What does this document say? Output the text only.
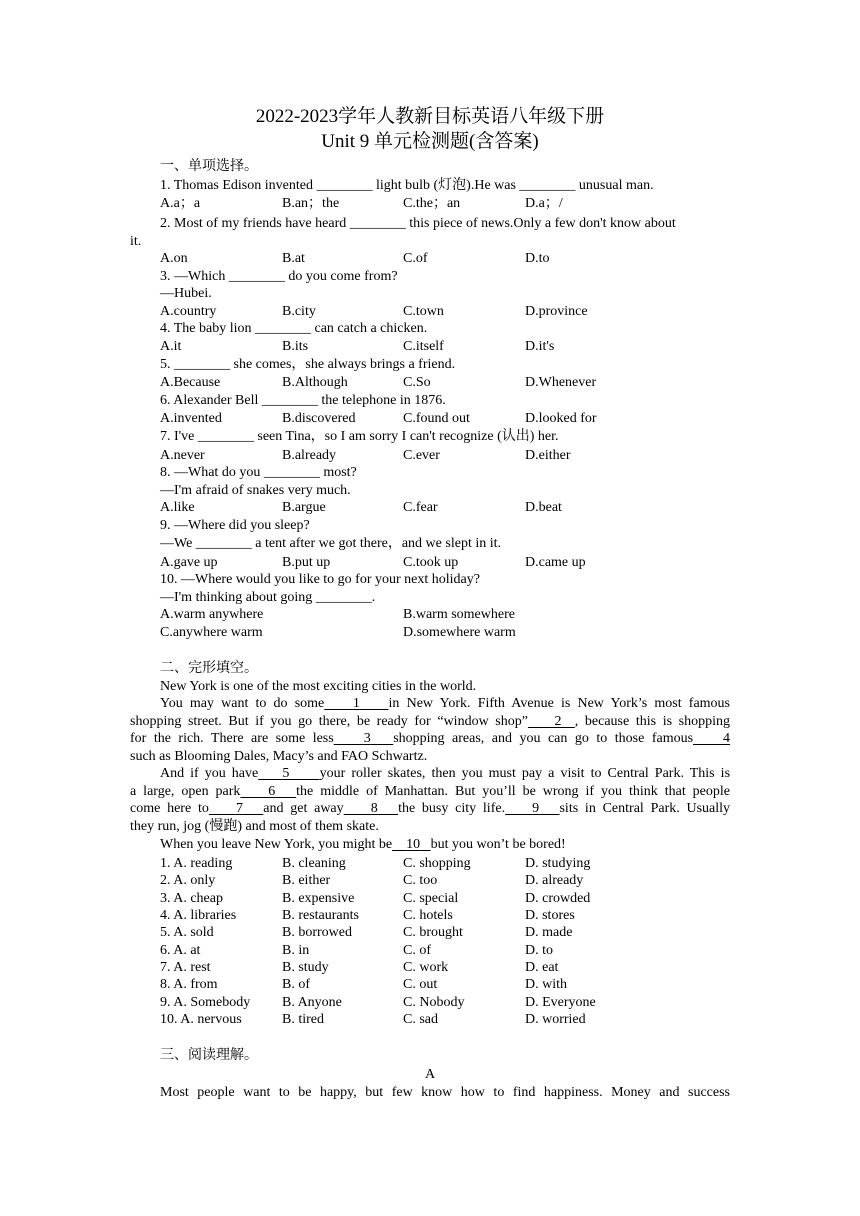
2022-2023学年人教新目标英语八年级下册
Unit 9 单元检测题(含答案)
一、单项选择。
1. Thomas Edison invented ________ light bulb (灯泡).He was ________ unusual man.
A.a；a	B.an；the	C.the；an	D.a；/
2. Most of my friends have heard ________ this piece of news.Only a few don't know about
it.
A.on	B.at	C.of	D.to
3. —Which ________ do you come from?
—Hubei.
A.country	B.city	C.town	D.province
4. The baby lion ________ can catch a chicken.
A.it	B.its	C.itself	D.it's
5. ________ she comes，she always brings a friend.
A.Because	B.Although	C.So	D.Whenever
6. Alexander Bell ________ the telephone in 1876.
A.invented	B.discovered	C.found out	D.looked for
7. I've ________ seen Tina，so I am sorry I can't recognize (认出) her.
A.never	B.already	C.ever	D.either
8. —What do you ________ most?
—I'm afraid of snakes very much.
A.like	B.argue	C.fear	D.beat
9. —Where did you sleep?
—We ________ a tent after we got there，and we slept in it.
A.gave up	B.put up	C.took up	D.came up
10. —Where would you like to go for your next holiday?
—I'm thinking about going ________.
A.warm anywhere	B.warm somewhere
C.anywhere warm	D.somewhere warm
二、完形填空。
New York is one of the most exciting cities in the world.
You may want to do some 1 in New York. Fifth Avenue is New York’s most famous
shopping street. But if you go there, be ready for “window shop” 2 , because this is shopping
for the rich. There are some less 3 shopping areas, and you can go to those famous 4
such as Blooming Dales, Macy’s and FAO Schwartz.
And if you have 5 your roller skates, then you must pay a visit to Central Park. This is
a large, open park 6 the middle of Manhattan. But you’ll be wrong if you think that people
come here to 7 and get away 8 the busy city life. 9 sits in Central Park. Usually
they run, jog (慢跑) and most of them skate.
When you leave New York, you might be 10 but you won’t be bored!
1. A. reading	B. cleaning	C. shopping	D. studying
2. A. only	B. either	C. too	D. already
3. A. cheap	B. expensive	C. special	D. crowded
4. A. libraries	B. restaurants	C. hotels	D. stores
5. A. sold	B. borrowed	C. brought	D. made
6. A. at	B. in	C. of	D. to
7. A. rest	B. study	C. work	D. eat
8. A. from	B. of	C. out	D. with
9. A. Somebody B. Anyone	C. Nobody	D. Everyone
10. A. nervous	B. tired	C. sad	D. worried
三、阅读理解。
A
Most people want to be happy, but few know how to find happiness. Money and success
